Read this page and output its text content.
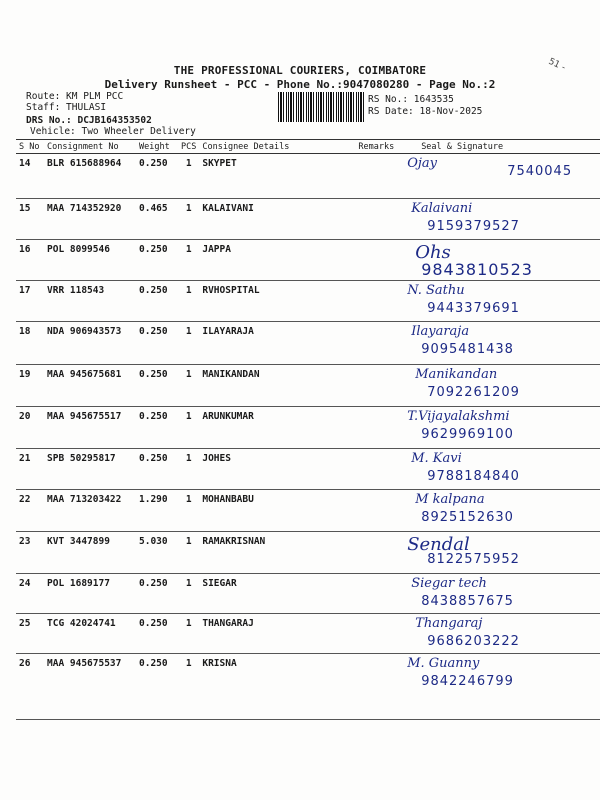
51 -
THE PROFESSIONAL COURIERS, COIMBATORE
Delivery Runsheet - PCC - Phone No.:9047080280 - Page No.:2
Route: KM PLM PCC
Staff: THULASI
DRS No.: DCJB164353502
Vehicle: Two Wheeler Delivery
RS No.: 1643535
RS Date: 18-Nov-2025
S No	Consignment No	Weight	PCS	Consignee Details	Remarks	Seal & Signature
14	BLR 615688964	0.250	1	SKYPET		Ojay
7540045

15	MAA 714352920	0.465	1	KALAIVANI		Kalaivani
9159379527

16	POL 8099546	0.250	1	JAPPA		Ohs
9843810523

17	VRR 118543	0.250	1	RVHOSPITAL		N. Sathu
9443379691

18	NDA 906943573	0.250	1	ILAYARAJA		Ilayaraja
9095481438

19	MAA 945675681	0.250	1	MANIKANDAN		Manikandan
7092261209

20	MAA 945675517	0.250	1	ARUNKUMAR		T.Vijayalakshmi
9629969100

21	SPB 50295817	0.250	1	JOHES		M. Kavi
9788184840

22	MAA 713203422	1.290	1	MOHANBABU		M kalpana
8925152630

23	KVT 3447899	5.030	1	RAMAKRISNAN		Sendal
8122575952

24	POL 1689177	0.250	1	SIEGAR		Siegar tech
8438857675

25	TCG 42024741	0.250	1	THANGARAJ		Thangaraj
9686203222

26	MAA 945675537	0.250	1	KRISNA		M. Guanny
9842246799
